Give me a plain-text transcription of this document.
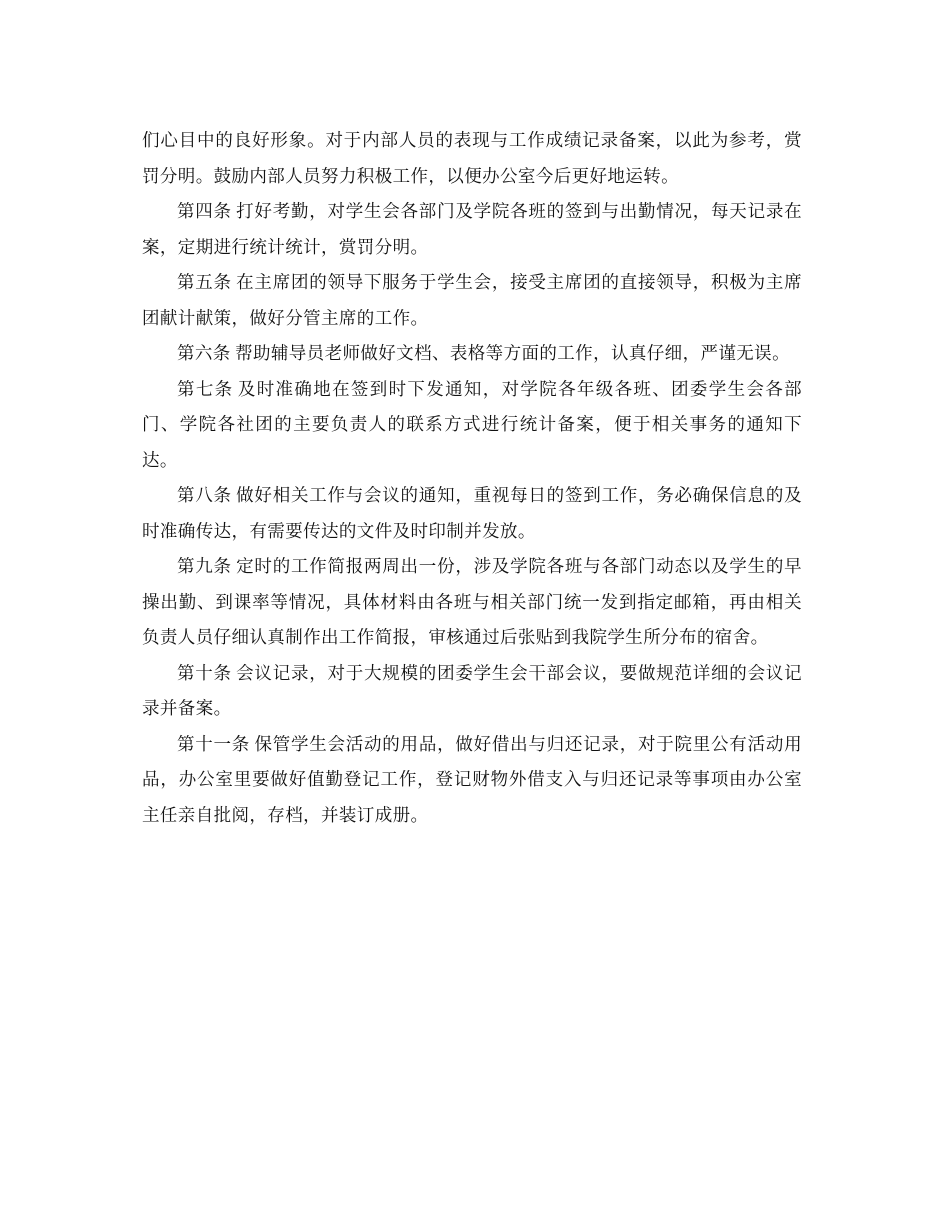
们心目中的良好形象。对于内部人员的表现与工作成绩记录备案，以此为参考，赏罚分明。鼓励内部人员努力积极工作，以便办公室今后更好地运转。

第四条 打好考勤，对学生会各部门及学院各班的签到与出勤情况，每天记录在案，定期进行统计统计，赏罚分明。

第五条 在主席团的领导下服务于学生会，接受主席团的直接领导，积极为主席团献计献策，做好分管主席的工作。

第六条 帮助辅导员老师做好文档、表格等方面的工作，认真仔细，严谨无误。

第七条 及时准确地在签到时下发通知，对学院各年级各班、团委学生会各部门、学院各社团的主要负责人的联系方式进行统计备案，便于相关事务的通知下达。

第八条 做好相关工作与会议的通知，重视每日的签到工作，务必确保信息的及时准确传达，有需要传达的文件及时印制并发放。

第九条 定时的工作简报两周出一份，涉及学院各班与各部门动态以及学生的早操出勤、到课率等情况，具体材料由各班与相关部门统一发到指定邮箱，再由相关负责人员仔细认真制作出工作简报，审核通过后张贴到我院学生所分布的宿舍。

第十条 会议记录，对于大规模的团委学生会干部会议，要做规范详细的会议记录并备案。

第十一条 保管学生会活动的用品，做好借出与归还记录，对于院里公有活动用品，办公室里要做好值勤登记工作，登记财物外借支入与归还记录等事项由办公室主任亲自批阅，存档，并装订成册。
